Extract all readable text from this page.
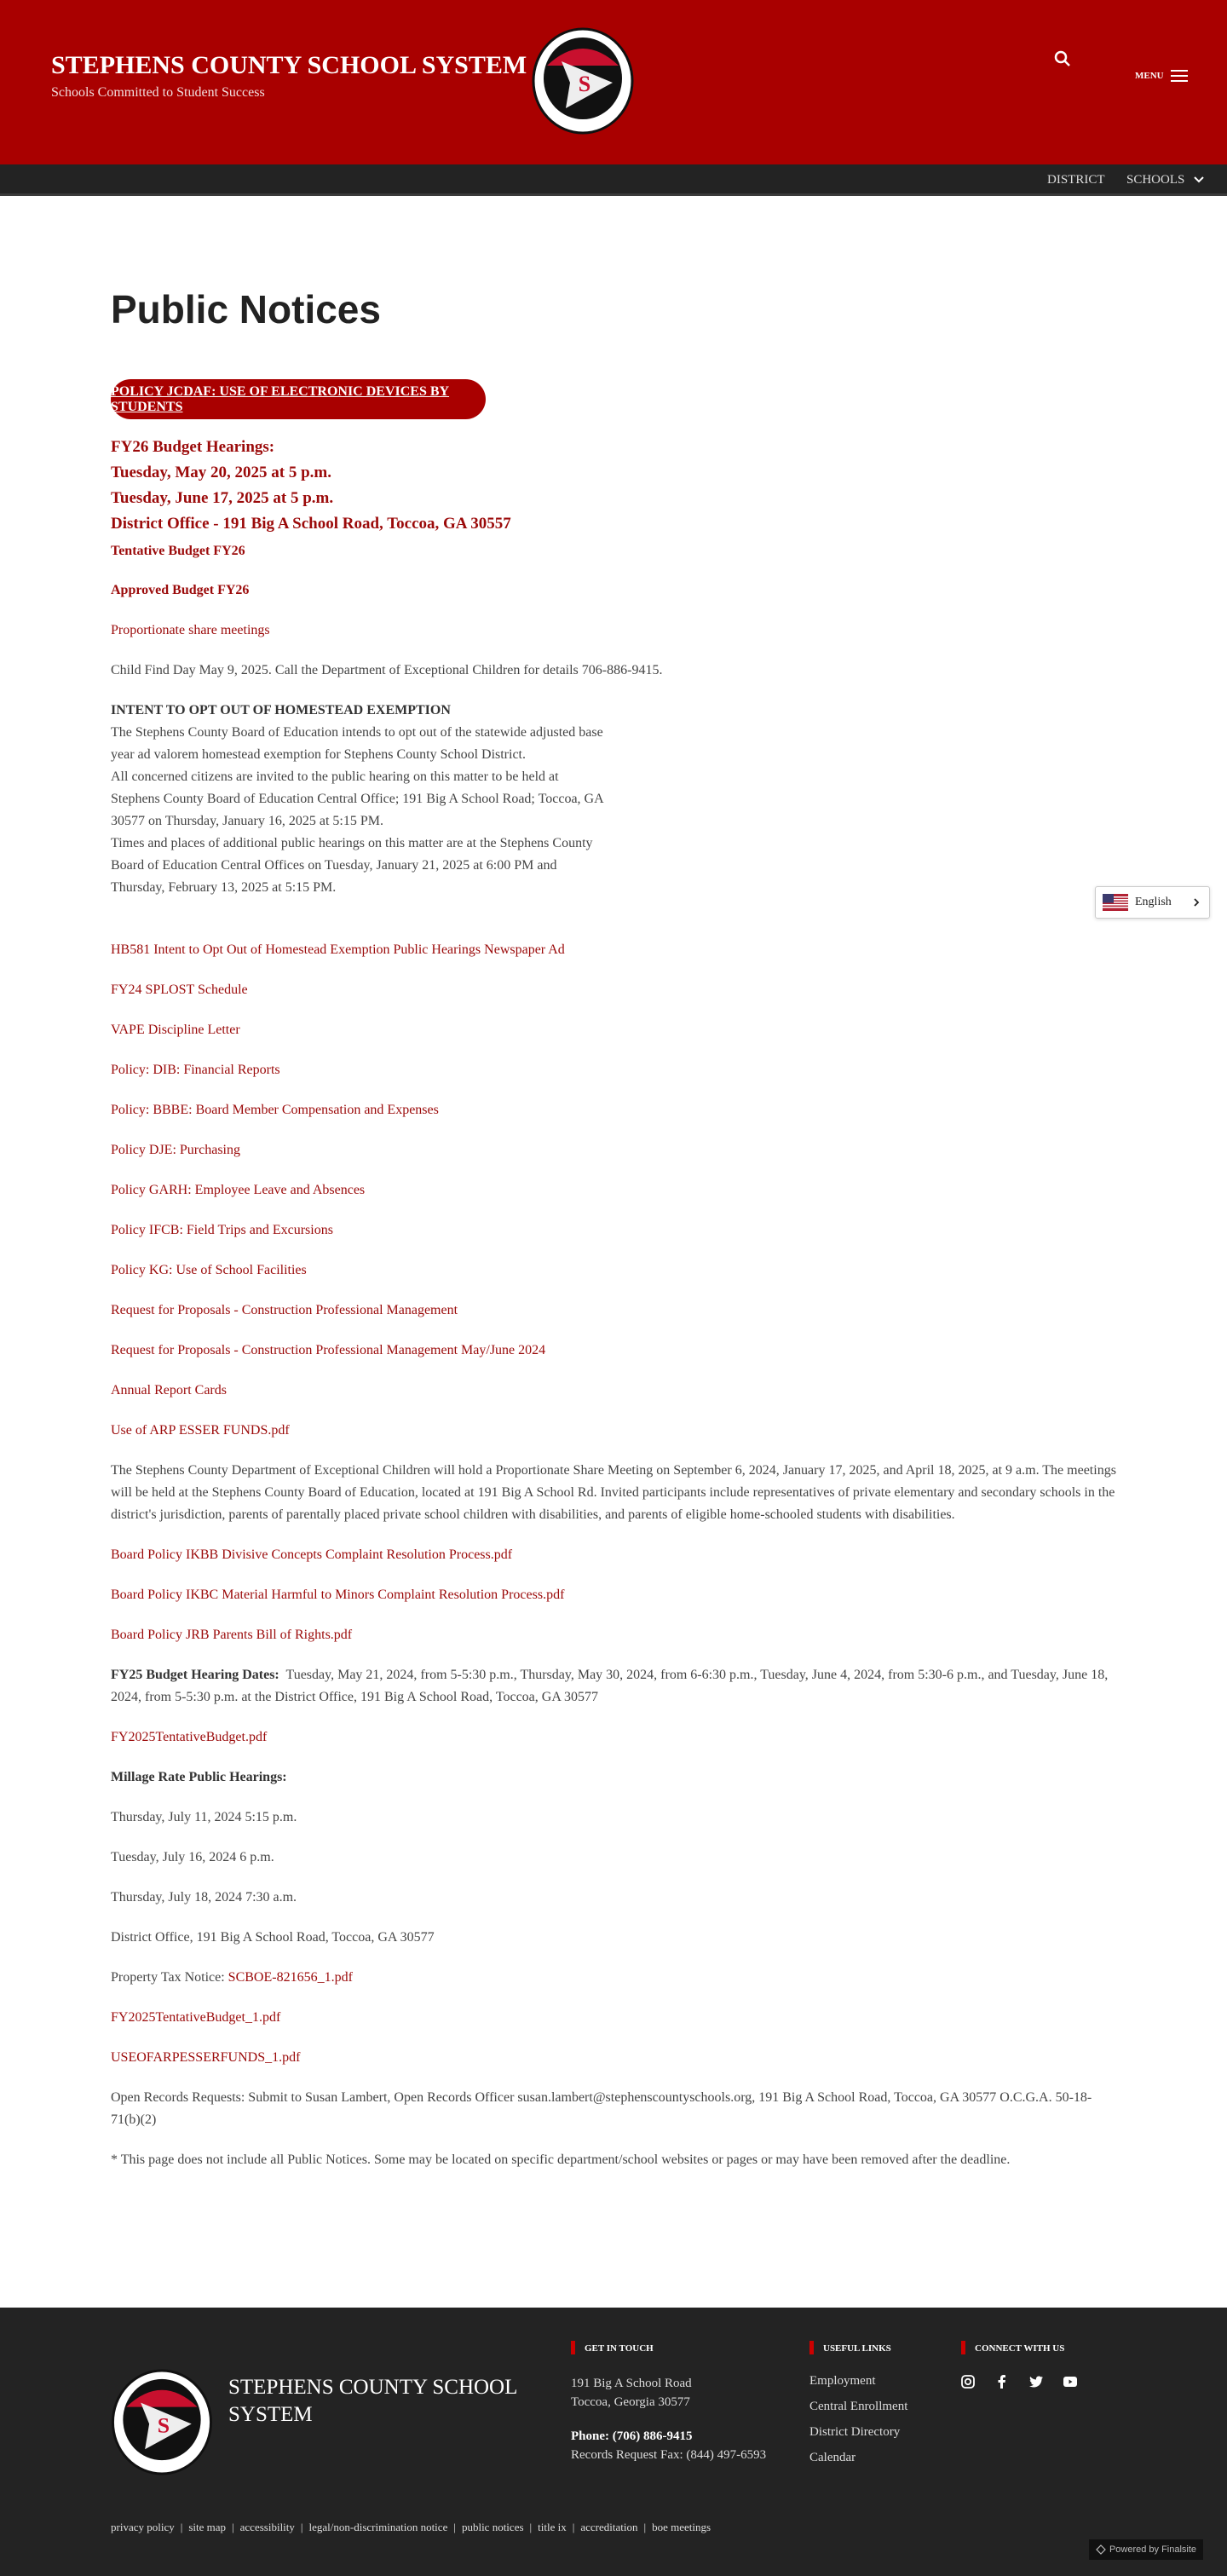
STEPHENS COUNTY SCHOOL SYSTEM
S
Schools Committed to Student Success
MENU
DISTRICT SCHOOLS
Public Notices
POLICY JCDAF: USE OF ELECTRONIC DEVICES BY STUDENTS
FY26 Budget Hearings:
Tuesday, May 20, 2025 at 5 p.m.
Tuesday, June 17, 2025 at 5 p.m.
District Office - 191 Big A School Road, Toccoa, GA 30557

Tentative Budget FY26

Approved Budget FY26

Proportionate share meetings

Child Find Day May 9, 2025. Call the Department of Exceptional Children for details 706-886-9415.

INTENT TO OPT OUT OF HOMESTEAD EXEMPTION
The Stephens County Board of Education intends to opt out of the statewide adjusted base year ad valorem homestead exemption for Stephens County School District.
All concerned citizens are invited to the public hearing on this matter to be held at Stephens County Board of Education Central Office; 191 Big A School Road; Toccoa, GA 30577 on Thursday, January 16, 2025 at 5:15 PM.
Times and places of additional public hearings on this matter are at the Stephens County Board of Education Central Offices on Tuesday, January 21, 2025 at 6:00 PM and Thursday, February 13, 2025 at 5:15 PM.

HB581 Intent to Opt Out of Homestead Exemption Public Hearings Newspaper Ad

FY24 SPLOST Schedule

VAPE Discipline Letter

Policy: DIB: Financial Reports

Policy: BBBE: Board Member Compensation and Expenses

Policy DJE: Purchasing

Policy GARH: Employee Leave and Absences

Policy IFCB: Field Trips and Excursions

Policy KG: Use of School Facilities

Request for Proposals - Construction Professional Management

Request for Proposals - Construction Professional Management May/June 2024

Annual Report Cards

Use of ARP ESSER FUNDS.pdf

The Stephens County Department of Exceptional Children will hold a Proportionate Share Meeting on September 6, 2024, January 17, 2025, and April 18, 2025, at 9 a.m. The meetings will be held at the Stephens County Board of Education, located at 191 Big A School Rd. Invited participants include representatives of private elementary and secondary schools in the district's jurisdiction, parents of parentally placed private school children with disabilities, and parents of eligible home-schooled students with disabilities.

Board Policy IKBB Divisive Concepts Complaint Resolution Process.pdf

Board Policy IKBC Material Harmful to Minors Complaint Resolution Process.pdf

Board Policy JRB Parents Bill of Rights.pdf

FY25 Budget Hearing Dates: Tuesday, May 21, 2024, from 5-5:30 p.m., Thursday, May 30, 2024, from 6-6:30 p.m., Tuesday, June 4, 2024, from 5:30-6 p.m., and Tuesday, June 18, 2024, from 5-5:30 p.m. at the District Office, 191 Big A School Road, Toccoa, GA 30577

FY2025TentativeBudget.pdf

Millage Rate Public Hearings:

Thursday, July 11, 2024 5:15 p.m.

Tuesday, July 16, 2024 6 p.m.

Thursday, July 18, 2024 7:30 a.m.

District Office, 191 Big A School Road, Toccoa, GA 30577

Property Tax Notice: SCBOE-821656_1.pdf

FY2025TentativeBudget_1.pdf

USEOFARPESSERFUNDS_1.pdf

Open Records Requests: Submit to Susan Lambert, Open Records Officer susan.lambert@stephenscountyschools.org, 191 Big A School Road, Toccoa, GA 30577 O.C.G.A. 50-18-71(b)(2)

* This page does not include all Public Notices. Some may be located on specific department/school websites or pages or may have been removed after the deadline.

English
S
STEPHENS COUNTY SCHOOL SYSTEM
GET IN TOUCH
191 Big A School Road
Toccoa, Georgia 30577
Phone: (706) 886-9415
Records Request Fax: (844) 497-6593
USEFUL LINKS
Employment
Central Enrollment
District Directory
Calendar
CONNECT WITH US
privacy policy | site map | accessibility | legal/non-discrimination notice | public notices | title ix | accreditation | boe meetings
Powered by Finalsite
